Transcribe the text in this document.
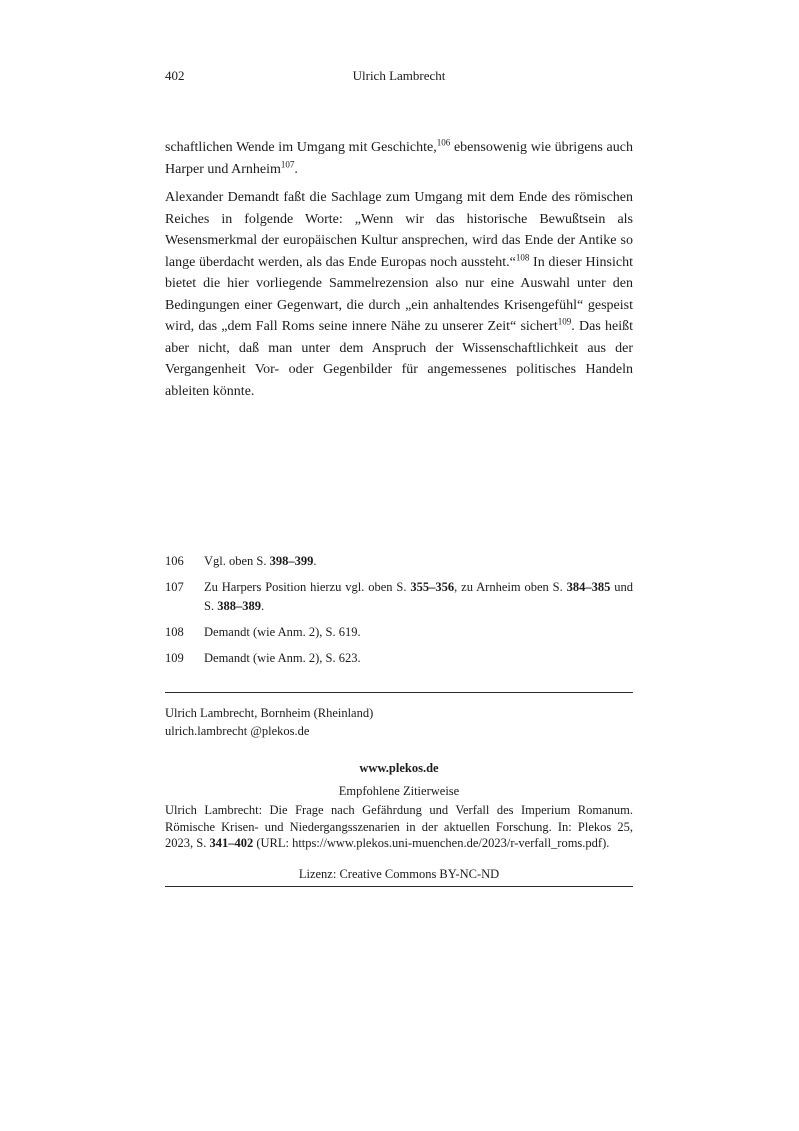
402	Ulrich Lambrecht

schaftlichen Wende im Umgang mit Geschichte,$^{106}$ ebensowenig wie übrigens auch Harper und Arnheim$^{107}$.

Alexander Demandt faßt die Sachlage zum Umgang mit dem Ende des römischen Reiches in folgende Worte: „Wenn wir das historische Bewußtsein als Wesensmerkmal der europäischen Kultur ansprechen, wird das Ende der Antike so lange überdacht werden, als das Ende Europas noch aussteht.“$^{108}$ In dieser Hinsicht bietet die hier vorliegende Sammelrezension also nur eine Auswahl unter den Bedingungen einer Gegenwart, die durch „ein anhaltendes Krisengefühl“ gespeist wird, das „dem Fall Roms seine innere Nähe zu unserer Zeit“ sichert$^{109}$. Das heißt aber nicht, daß man unter dem Anspruch der Wissenschaftlichkeit aus der Vergangenheit Vor- oder Gegenbilder für angemessenes politisches Handeln ableiten könnte.

106	Vgl. oben S. 398–399.
107	Zu Harpers Position hierzu vgl. oben S. 355–356, zu Arnheim oben S. 384–385 und S. 388–389.
108	Demandt (wie Anm. 2), S. 619.
109	Demandt (wie Anm. 2), S. 623.
Ulrich Lambrecht, Bornheim (Rheinland)
ulrich.lambrecht @plekos.de

www.plekos.de

Empfohlene Zitierweise

Ulrich Lambrecht: Die Frage nach Gefährdung und Verfall des Imperium Romanum. Römische Krisen- und Niedergangsszenarien in der aktuellen Forschung. In: Plekos 25, 2023, S. 341–402 (URL: https://www.plekos.uni-muenchen.de/2023/r-verfall_roms.pdf).

Lizenz: Creative Commons BY-NC-ND
